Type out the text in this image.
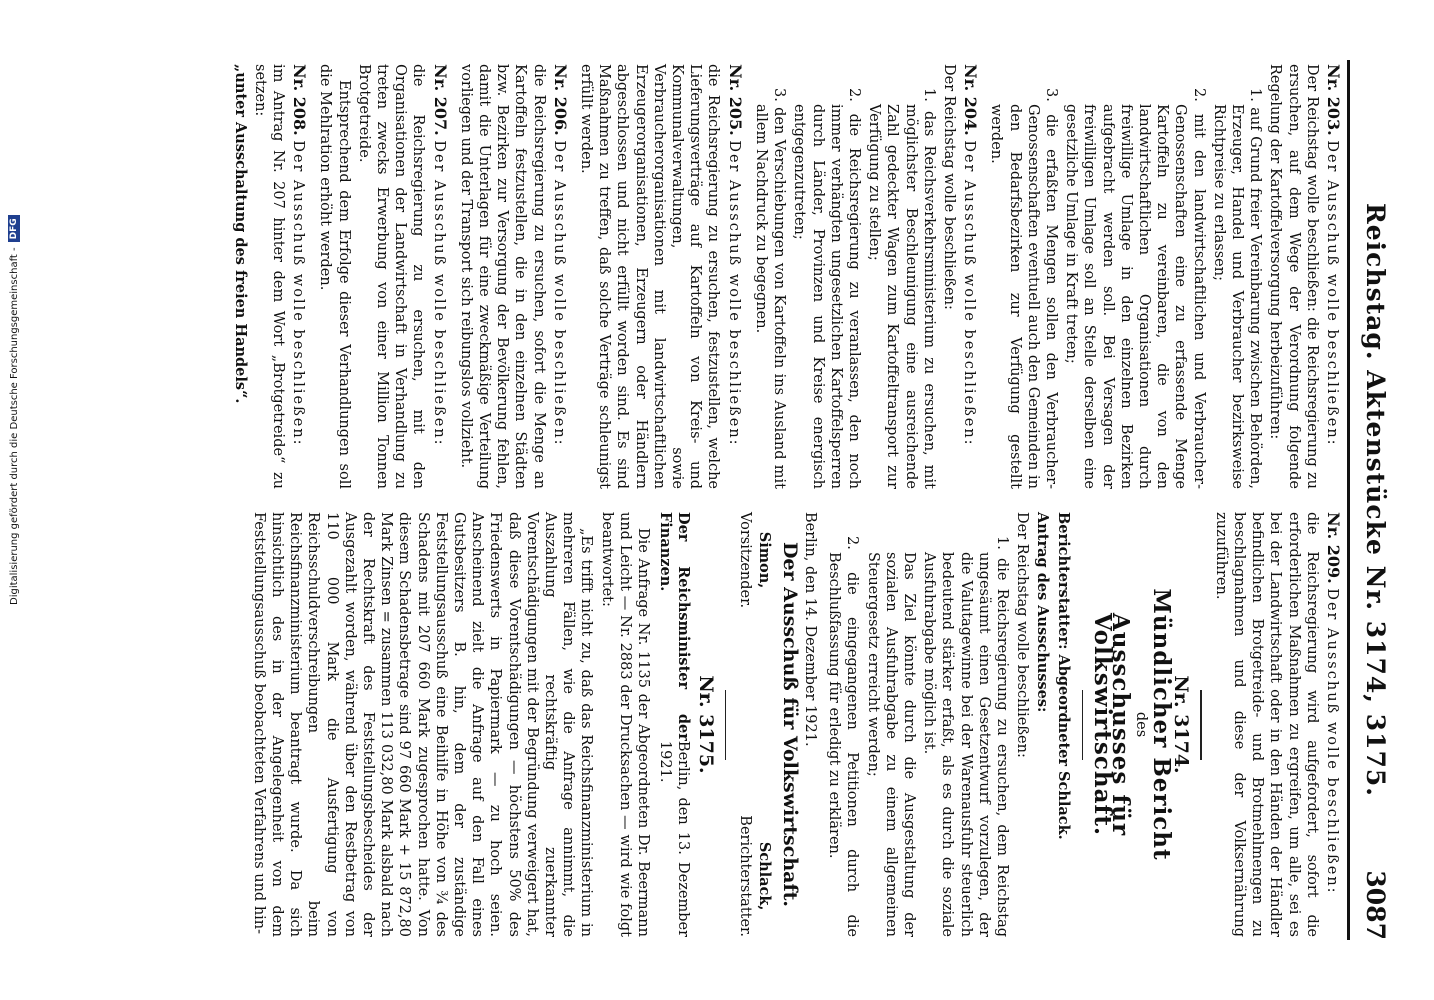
Reichstag. Aktenstücke Nr. 3174, 3175.
3087

Nr. 203. Der Ausschuß wolle beschließen:

Der Reichstag wolle beschließen: die Reichsregierung zu ersuchen, auf dem Wege der Verordnung folgende Regelung der Kartoffelversorgung herbeizuführen:

1. auf Grund freier Vereinbarung zwischen Behörden, Erzeuger, Handel und Verbraucher bezirksweise Richtpreise zu erlassen;

2. mit den landwirtschaftlichen und Verbraucher-Genossenschaften eine zu erfassende Menge Kartoffeln zu vereinbaren, die von den landwirtschaftlichen Organisationen durch freiwillige Umlage in den einzelnen Bezirken aufgebracht werden soll. Bei Versagen der freiwilligen Umlage soll an Stelle derselben eine gesetzliche Umlage in Kraft treten;

3. die erfaßten Mengen sollen den Verbraucher-Genossenschaften eventuell auch den Gemeinden in den Bedarfsbezirken zur Verfügung gestellt werden.

Nr. 204. Der Ausschuß wolle beschließen:

Der Reichstag wolle beschließen:

1. das Reichsverkehrsministerium zu ersuchen, mit möglichster Beschleunigung eine ausreichende Zahl gedeckter Wagen zum Kartoffeltransport zur Verfügung zu stellen;

2. die Reichsregierung zu veranlassen, den noch immer verhängten ungesetzlichen Kartoffelsperren durch Länder, Provinzen und Kreise energisch entgegenzutreten;

3. den Verschiebungen von Kartoffeln ins Ausland mit allem Nachdruck zu begegnen.

Nr. 205. Der Ausschuß wolle beschließen:

die Reichsregierung zu ersuchen, festzustellen, welche Lieferungsverträge auf Kartoffeln von Kreis- und Kommunalverwaltungen, sowie Verbraucherorganisationen mit landwirtschaftlichen Erzeugerorganisationen, Erzeugern oder Händlern abgeschlossen und nicht erfüllt worden sind. Es sind Maßnahmen zu treffen, daß solche Verträge schleunigst erfüllt werden.

Nr. 206. Der Ausschuß wolle beschließen:

die Reichsregierung zu ersuchen, sofort die Menge an Kartoffeln festzustellen, die in den einzelnen Städten bzw. Bezirken zur Versorgung der Bevölkerung fehlen, damit die Unterlagen für eine zweckmäßige Verteilung vorliegen und der Transport sich reibungslos vollzieht.

Nr. 207. Der Ausschuß wolle beschließen:

die Reichsregierung zu ersuchen, mit den Organisationen der Landwirtschaft in Verhandlung zu treten zwecks Erwerbung von einer Million Tonnen Brotgetreide.

Entsprechend dem Erfolge dieser Verhandlungen soll die Mehlration erhöht werden.

Nr. 208. Der Ausschuß wolle beschließen:

im Antrag Nr. 207 hinter dem Wort „Brotgetreide“ zu setzen:

„unter Ausschaltung des freien Handels“.

Nr. 209. Der Ausschuß wolle beschließen:

die Reichsregierung wird aufgefordert, sofort die erforderlichen Maßnahmen zu ergreifen, um alle, sei es bei der Landwirtschaft oder in den Händen der Händler befindlichen Brotgetreide- und Brotmehlmengen zu beschlagnahmen und diese der Volksernährung zuzuführen.

Nr. 3174.

Mündlicher Bericht

des

Ausschusses für Volkswirtschaft.

Berichterstatter: Abgeordneter Schlack.

Antrag des Ausschusses:

Der Reichstag wolle beschließen:

1. die Reichsregierung zu ersuchen, dem Reichstag ungesäumt einen Gesetzentwurf vorzulegen, der die Valutagewinne bei der Warenausfuhr steuerlich bedeutend stärker erfaßt, als es durch die soziale Ausfuhrabgabe möglich ist.

Das Ziel könnte durch die Ausgestaltung der sozialen Ausfuhrabgabe zu einem allgemeinen Steuergesetz erreicht werden;

2. die eingegangenen Petitionen durch die Beschlußfassung für erledigt zu erklären.

Berlin, den 14. Dezember 1921.

Der Ausschuß für Volkswirtschaft.

Simon,
Vorsitzender.
Schlack,
Berichterstatter.

Nr. 3175.

Der Reichsminister der Finanzen.
Berlin, den 13. Dezember 1921.

Die Anfrage Nr. 1135 der Abgeordneten Dr. Beermann und Leicht — Nr. 2883 der Drucksachen — wird wie folgt beantwortet:

„Es trifft nicht zu, daß das Reichsfinanzministerium in mehreren Fällen, wie die Anfrage annimmt, die Auszahlung rechtskräftig zuerkannter Vorentschädigungen mit der Begründung verweigert hat, daß diese Vorentschädigungen — höchstens 50% des Friedenswerts in Papiermark — zu hoch seien. Anscheinend zielt die Anfrage auf den Fall eines Gutsbesitzers B. hin, dem der zuständige Feststellungsausschuß eine Beihilfe in Höhe von ¾ des Schadens mit 207 660 Mark zugesprochen hatte. Von diesem Schadensbetrage sind 97 660 Mark + 15 872,80 Mark Zinsen = zusammen 113 032,80 Mark alsbald nach der Rechtskraft des Feststellungsbescheides der Ausgezahlt worden, während über den Restbetrag von 110 000 Mark die Ausfertigung von Reichsschuldverschreibungen beim Reichsfinanzministerium beantragt wurde. Da sich hinsichtlich des in der Angelegenheit von dem Feststellungsausschuß beobachteten Verfahrens und hin-

Digitalisierung gefördert durch die Deutsche Forschungsgemeinschaft -
DFG
